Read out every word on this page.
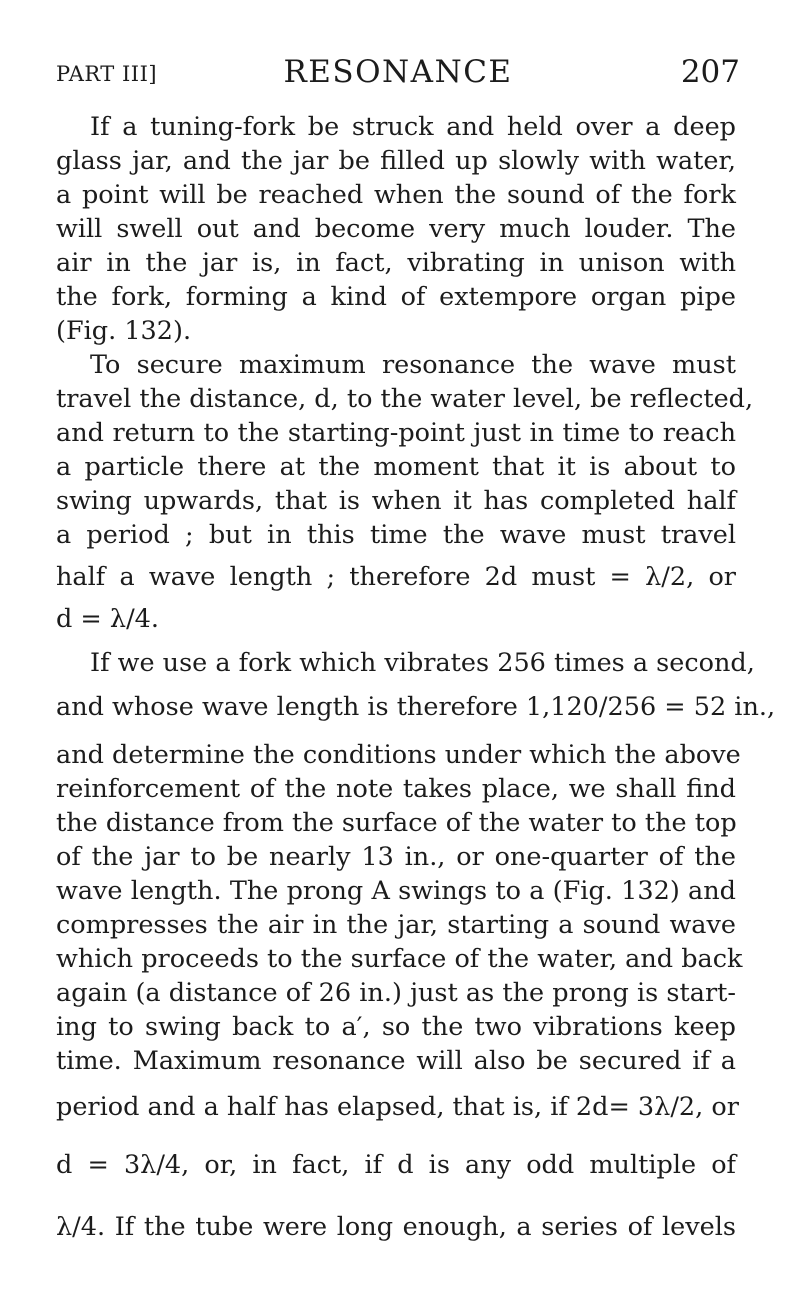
PART III]	RESONANCE	207
If a tuning-fork be struck and held over a deep
glass jar, and the jar be filled up slowly with water,
a point will be reached when the sound of the fork
will swell out and become very much louder. The
air in the jar is, in fact, vibrating in unison with
the fork, forming a kind of extempore organ pipe
(Fig. 132).
To secure maximum resonance the wave must
travel the distance, d, to the water level, be reflected,
and return to the starting-point just in time to reach
a particle there at the moment that it is about to
swing upwards, that is when it has completed half
a period ; but in this time the wave must travel
half a wave length ; therefore 2d must = λ/2, or
d = λ/4.
If we use a fork which vibrates 256 times a second,
and whose wave length is therefore 1,120/256 = 52 in.,
and determine the conditions under which the above
reinforcement of the note takes place, we shall find
the distance from the surface of the water to the top
of the jar to be nearly 13 in., or one-quarter of the
wave length. The prong A swings to a (Fig. 132) and
compresses the air in the jar, starting a sound wave
which proceeds to the surface of the water, and back
again (a distance of 26 in.) just as the prong is start-
ing to swing back to a′, so the two vibrations keep
time. Maximum resonance will also be secured if a
period and a half has elapsed, that is, if 2d= 3λ/2, or
d = 3λ/4, or, in fact, if d is any odd multiple of
λ/4. If the tube were long enough, a series of levels
